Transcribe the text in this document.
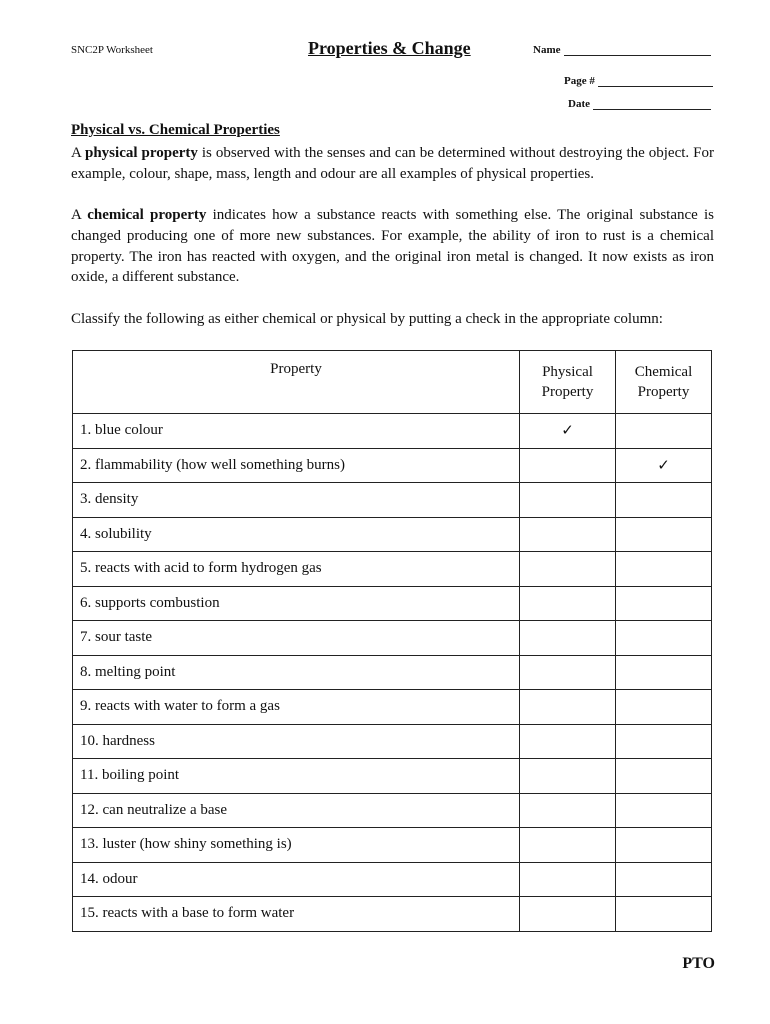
SNC2P Worksheet	Properties & Change	Name
Page #
Date
Physical vs. Chemical Properties
A physical property is observed with the senses and can be determined without destroying the object. For example, colour, shape, mass, length and odour are all examples of physical properties.
A chemical property indicates how a substance reacts with something else. The original substance is changed producing one of more new substances. For example, the ability of iron to rust is a chemical property. The iron has reacted with oxygen, and the original iron metal is changed. It now exists as iron oxide, a different substance.
Classify the following as either chemical or physical by putting a check in the appropriate column:
Property	Physical Property	Chemical Property
1. blue colour	✓	
2. flammability (how well something burns)		✓
3. density		
4. solubility		
5. reacts with acid to form hydrogen gas		
6. supports combustion		
7. sour taste		
8. melting point		
9. reacts with water to form a gas		
10. hardness		
11. boiling point		
12. can neutralize a base		
13. luster (how shiny something is)		
14. odour		
15. reacts with a base to form water		
PTO
